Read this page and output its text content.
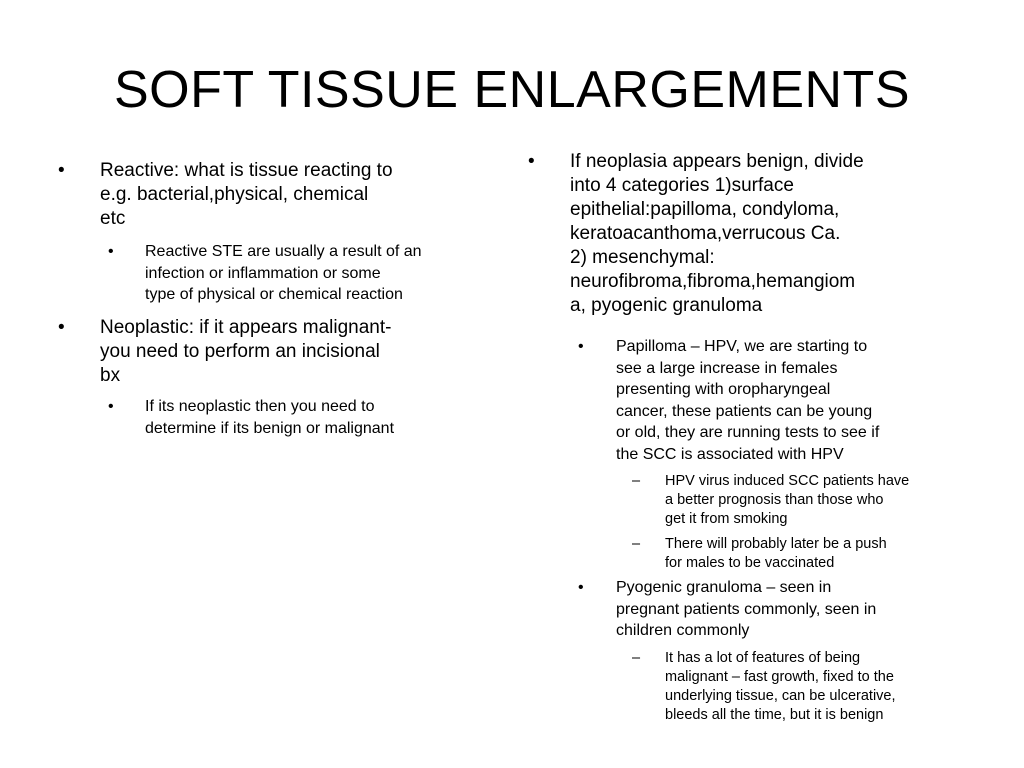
SOFT TISSUE ENLARGEMENTS
•	Reactive: what is tissue reacting to
e.g. bacterial,physical, chemical
etc
• Reactive STE are usually a result of an
infection or inflammation or some
type of physical or chemical reaction
•	Neoplastic: if it appears malignant-
you need to perform an incisional
bx
• If its neoplastic then you need to
determine if its benign or malignant
•	If neoplasia appears benign, divide
into 4 categories 1)surface
epithelial:papilloma, condyloma,
keratoacanthoma,verrucous Ca.
2) mesenchymal:
neurofibroma,fibroma,hemangiom
a, pyogenic granuloma
• Papilloma – HPV, we are starting to
see a large increase in females
presenting with oropharyngeal
cancer, these patients can be young
or old, they are running tests to see if
the SCC is associated with HPV
– HPV virus induced SCC patients have
a better prognosis than those who
get it from smoking
– There will probably later be a push
for males to be vaccinated
• Pyogenic granuloma – seen in
pregnant patients commonly, seen in
children commonly
– It has a lot of features of being
malignant – fast growth, fixed to the
underlying tissue, can be ulcerative,
bleeds all the time, but it is benign
